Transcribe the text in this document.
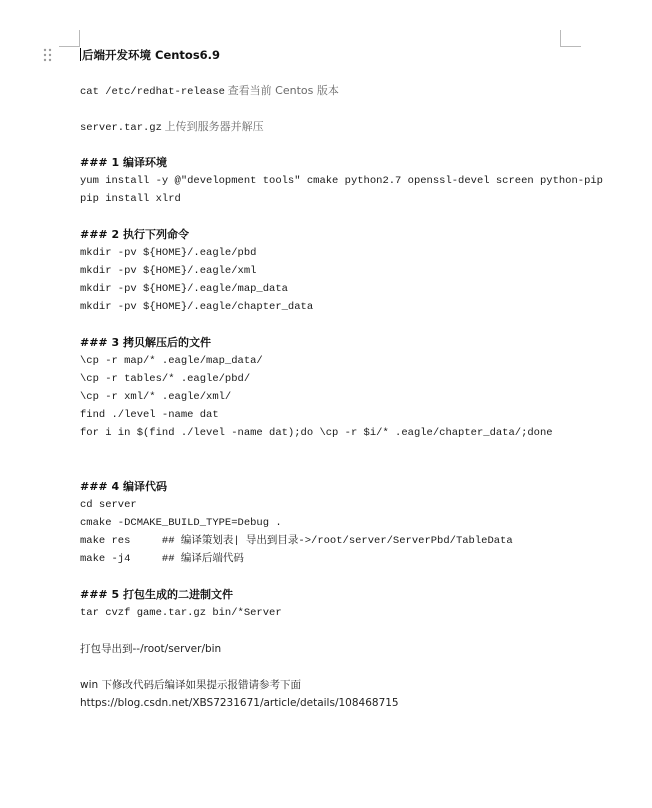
后端开发环境 Centos6.9
cat /etc/redhat-release 查看当前 Centos 版本
server.tar.gz 上传到服务器并解压
### 1 编译环境
yum install -y @"development tools" cmake python2.7 openssl-devel screen python-pip
pip install xlrd
### 2 执行下列命令
mkdir -pv ${HOME}/.eagle/pbd
mkdir -pv ${HOME}/.eagle/xml
mkdir -pv ${HOME}/.eagle/map_data
mkdir -pv ${HOME}/.eagle/chapter_data
### 3 拷贝解压后的文件
\cp -r map/* .eagle/map_data/
\cp -r tables/* .eagle/pbd/
\cp -r xml/* .eagle/xml/
find ./level -name dat
for i in $(find ./level -name dat);do \cp -r $i/* .eagle/chapter_data/;done
### 4 编译代码
cd server
cmake -DCMAKE_BUILD_TYPE=Debug .
make res     ## 编译策划表| 导出到目录->/root/server/ServerPbd/TableData
make -j4     ## 编译后端代码
### 5 打包生成的二进制文件
tar cvzf game.tar.gz bin/*Server
打包导出到--/root/server/bin
win 下修改代码后编译如果提示报错请参考下面
https://blog.csdn.net/XBS7231671/article/details/108468715
